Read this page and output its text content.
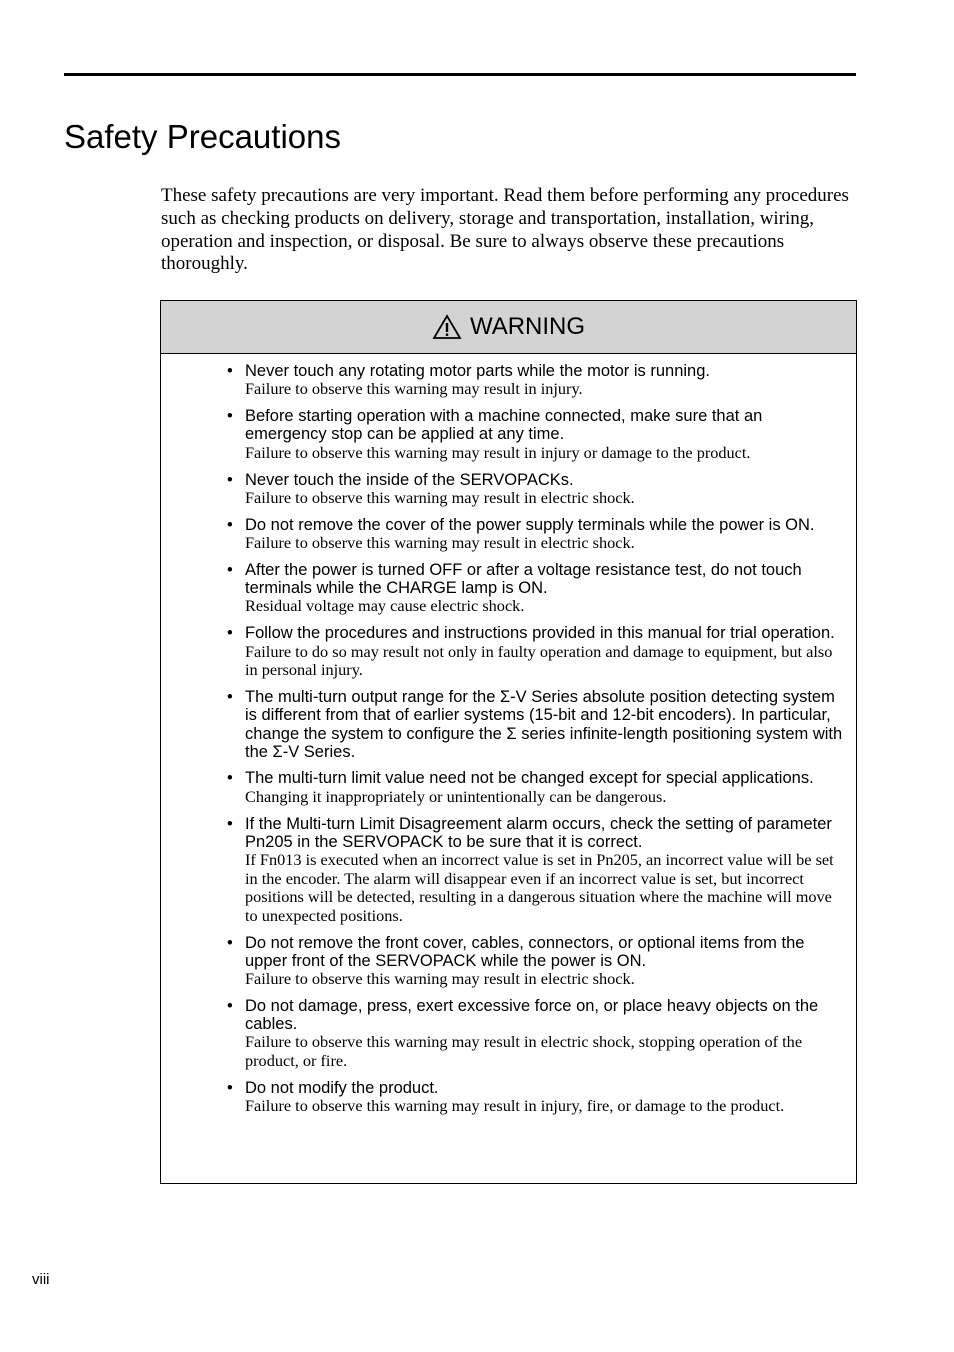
Safety Precautions

These safety precautions are very important. Read them before performing any procedures such as checking products on delivery, storage and transportation, installation, wiring, operation and inspection, or disposal. Be sure to always observe these precautions thoroughly.

WARNING
• Never touch any rotating motor parts while the motor is running.
Failure to observe this warning may result in injury.
• Before starting operation with a machine connected, make sure that an emergency stop can be applied at any time.
Failure to observe this warning may result in injury or damage to the product.
• Never touch the inside of the SERVOPACKs.
Failure to observe this warning may result in electric shock.
• Do not remove the cover of the power supply terminals while the power is ON.
Failure to observe this warning may result in electric shock.
• After the power is turned OFF or after a voltage resistance test, do not touch terminals while the CHARGE lamp is ON.
Residual voltage may cause electric shock.
• Follow the procedures and instructions provided in this manual for trial operation.
Failure to do so may result not only in faulty operation and damage to equipment, but also in personal injury.
• The multi-turn output range for the Σ-V Series absolute position detecting system is different from that of earlier systems (15-bit and 12-bit encoders). In particular, change the system to configure the Σ series infinite-length positioning system with the Σ-V Series.
• The multi-turn limit value need not be changed except for special applications.
Changing it inappropriately or unintentionally can be dangerous.
• If the Multi-turn Limit Disagreement alarm occurs, check the setting of parameter Pn205 in the SERVOPACK to be sure that it is correct.
If Fn013 is executed when an incorrect value is set in Pn205, an incorrect value will be set in the encoder. The alarm will disappear even if an incorrect value is set, but incorrect positions will be detected, resulting in a dangerous situation where the machine will move to unexpected positions.
• Do not remove the front cover, cables, connectors, or optional items from the upper front of the SERVOPACK while the power is ON.
Failure to observe this warning may result in electric shock.
• Do not damage, press, exert excessive force on, or place heavy objects on the cables.
Failure to observe this warning may result in electric shock, stopping operation of the product, or fire.
• Do not modify the product.
Failure to observe this warning may result in injury, fire, or damage to the product.
viii
